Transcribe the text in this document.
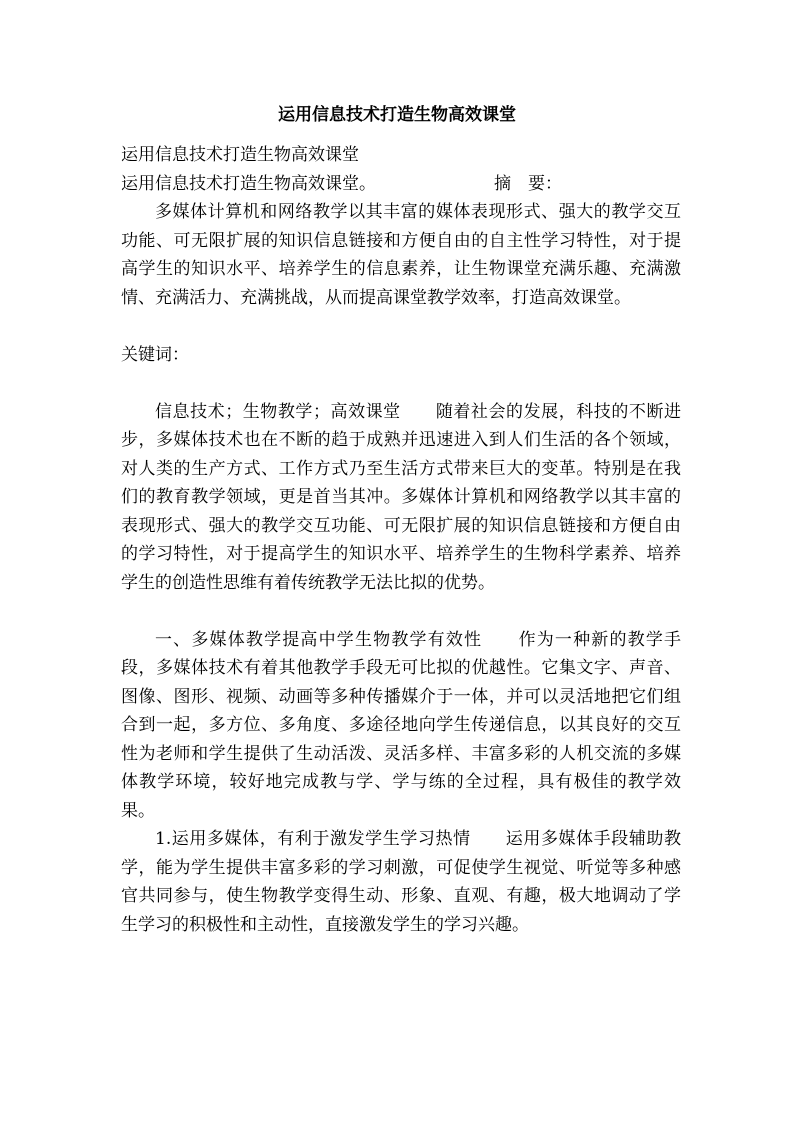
运用信息技术打造生物高效课堂

运用信息技术打造生物高效课堂

运用信息技术打造生物高效课堂。	摘　要：

多媒体计算机和网络教学以其丰富的媒体表现形式、强大的教学交互功能、可无限扩展的知识信息链接和方便自由的自主性学习特性，对于提高学生的知识水平、培养学生的信息素养，让生物课堂充满乐趣、充满激情、充满活力、充满挑战，从而提高课堂教学效率，打造高效课堂。

关键词：

信息技术；生物教学；高效课堂　　随着社会的发展，科技的不断进步，多媒体技术也在不断的趋于成熟并迅速进入到人们生活的各个领域，对人类的生产方式、工作方式乃至生活方式带来巨大的变革。特别是在我们的教育教学领域，更是首当其冲。多媒体计算机和网络教学以其丰富的表现形式、强大的教学交互功能、可无限扩展的知识信息链接和方便自由的学习特性，对于提高学生的知识水平、培养学生的生物科学素养、培养学生的创造性思维有着传统教学无法比拟的优势。

一、多媒体教学提高中学生物教学有效性　　作为一种新的教学手段，多媒体技术有着其他教学手段无可比拟的优越性。它集文字、声音、图像、图形、视频、动画等多种传播媒介于一体，并可以灵活地把它们组合到一起，多方位、多角度、多途径地向学生传递信息，以其良好的交互性为老师和学生提供了生动活泼、灵活多样、丰富多彩的人机交流的多媒体教学环境，较好地完成教与学、学与练的全过程，具有极佳的教学效果。

1.运用多媒体，有利于激发学生学习热情　　运用多媒体手段辅助教学，能为学生提供丰富多彩的学习刺激，可促使学生视觉、听觉等多种感官共同参与，使生物教学变得生动、形象、直观、有趣，极大地调动了学生学习的积极性和主动性，直接激发学生的学习兴趣。
